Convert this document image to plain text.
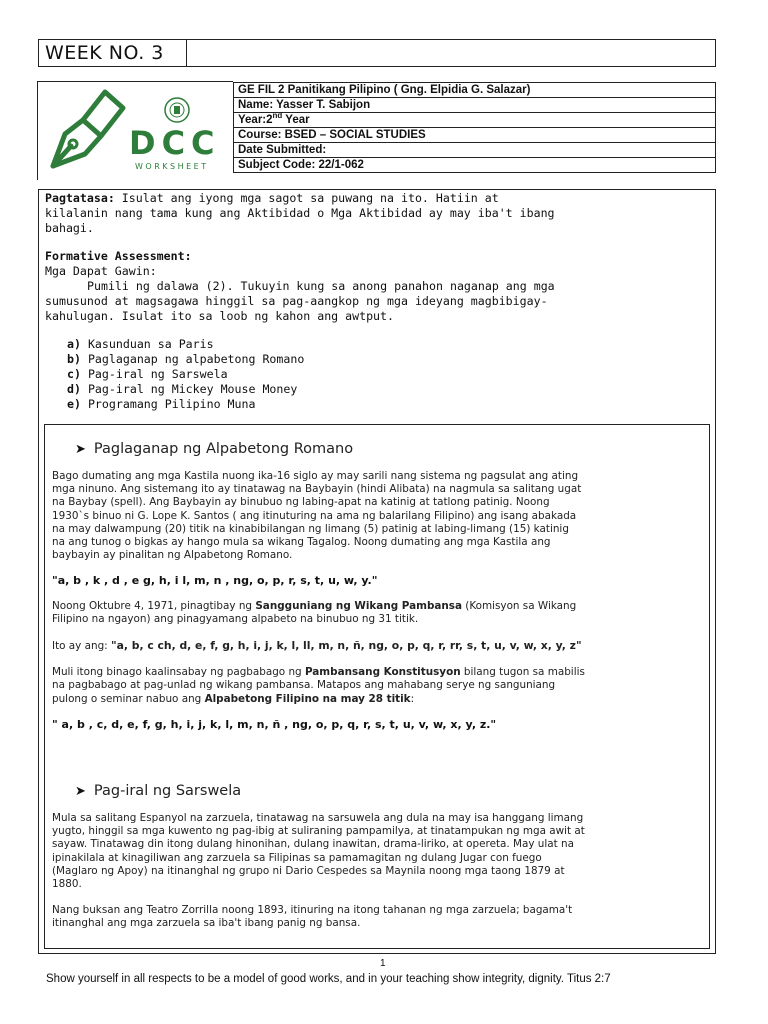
WEEK NO. 3
DCC
WORKSHEET
GE FIL 2 Panitikang Pilipino ( Gng. Elpidia G. Salazar)
Name: Yasser T. Sabijon
Year:2nd Year
Course: BSED – SOCIAL STUDIES
Date Submitted:
Subject Code: 22/1-062
Pagtatasa: Isulat ang iyong mga sagot sa puwang na ito. Hatiin at
kilalanin nang tama kung ang Aktibidad o Mga Aktibidad ay may iba't ibang
bahagi.
Formative Assessment:
Mga Dapat Gawin:
Pumili ng dalawa (2). Tukuyin kung sa anong panahon naganap ang mga
sumusunod at magsagawa hinggil sa pag-aangkop ng mga ideyang magbibigay-
kahulugan. Isulat ito sa loob ng kahon ang awtput.
a) Kasunduan sa Paris
b) Paglaganap ng alpabetong Romano
c) Pag-iral ng Sarswela
d) Pag-iral ng Mickey Mouse Money
e) Programang Pilipino Muna
➤ Paglaganap ng Alpabetong Romano
Bago dumating ang mga Kastila nuong ika-16 siglo ay may sarili nang sistema ng pagsulat ang ating
mga ninuno. Ang sistemang ito ay tinatawag na Baybayin (hindi Alibata) na nagmula sa salitang ugat
na Baybay (spell). Ang Baybayin ay binubuo ng labing-apat na katinig at tatlong patinig. Noong
1930`s binuo ni G. Lope K. Santos ( ang itinuturing na ama ng balarilang Filipino) ang isang abakada
na may dalwampung (20) titik na kinabibilangan ng limang (5) patinig at labing-limang (15) katinig
na ang tunog o bigkas ay hango mula sa wikang Tagalog. Noong dumating ang mga Kastila ang
baybayin ay pinalitan ng Alpabetong Romano.
"a, b , k , d , e g, h, i l, m, n , ng, o, p, r, s, t, u, w, y."
Noong Oktubre 4, 1971, pinagtibay ng Sangguniang ng Wikang Pambansa (Komisyon sa Wikang
Filipino na ngayon) ang pinagyamang alpabeto na binubuo ng 31 titik.
Ito ay ang: "a, b, c ch, d, e, f, g, h, i, j, k, l, ll, m, n, ñ, ng, o, p, q, r, rr, s, t, u, v, w, x, y, z"
Muli itong binago kaalinsabay ng pagbabago ng Pambansang Konstitusyon bilang tugon sa mabilis
na pagbabago at pag-unlad ng wikang pambansa. Matapos ang mahabang serye ng sanguniang
pulong o seminar nabuo ang Alpabetong Filipino na may 28 titik:
" a, b , c, d, e, f, g, h, i, j, k, l, m, n, ñ , ng, o, p, q, r, s, t, u, v, w, x, y, z."
➤ Pag-iral ng Sarswela
Mula sa salitang Espanyol na zarzuela, tinatawag na sarsuwela ang dula na may isa hanggang limang
yugto, hinggil sa mga kuwento ng pag-ibig at suliraning pampamilya, at tinatampukan ng mga awit at
sayaw. Tinatawag din itong dulang hinonihan, dulang inawitan, drama-liriko, at opereta. May ulat na
ipinakilala at kinagiliwan ang zarzuela sa Filipinas sa pamamagitan ng dulang Jugar con fuego
(Maglaro ng Apoy) na itinanghal ng grupo ni Dario Cespedes sa Maynila noong mga taong 1879 at
1880.
Nang buksan ang Teatro Zorrilla noong 1893, itinuring na itong tahanan ng mga zarzuela; bagama't
itinanghal ang mga zarzuela sa iba't ibang panig ng bansa.
1
Show yourself in all respects to be a model of good works, and in your teaching show integrity, dignity. Titus 2:7
